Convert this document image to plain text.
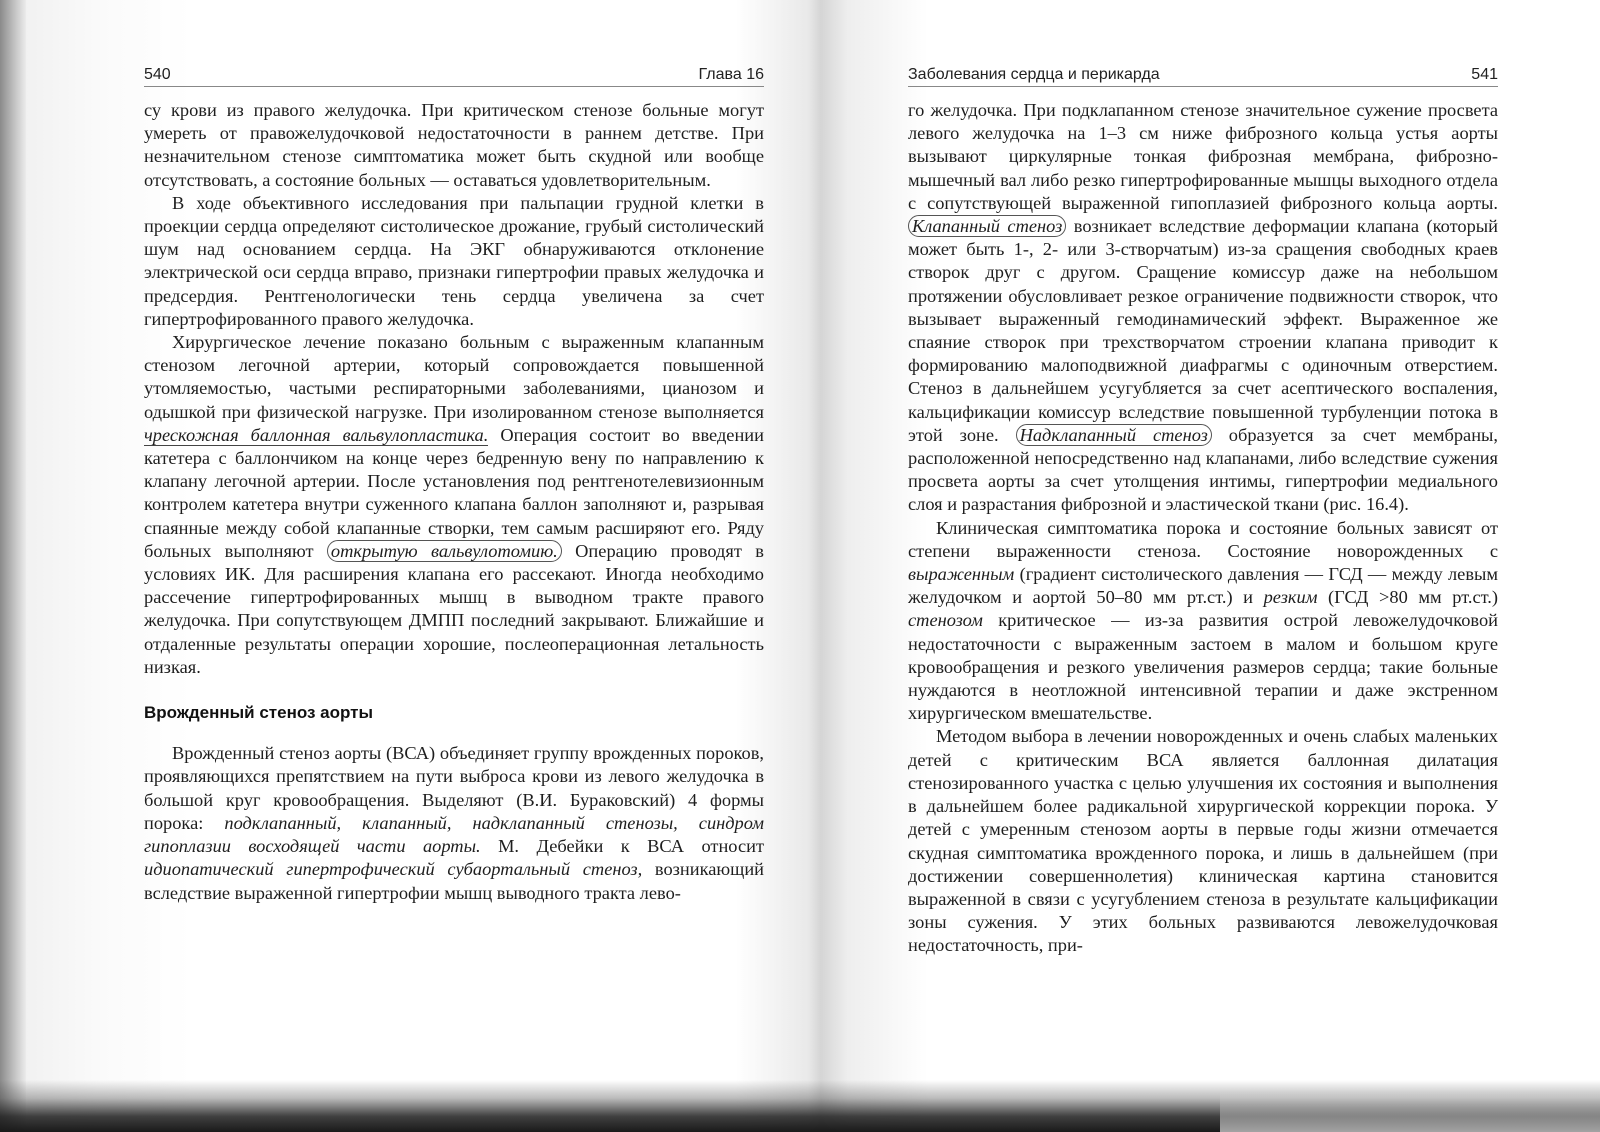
540	Глава 16

су крови из правого желудочка. При критическом стенозе больные могут умереть от правожелудочковой недостаточности в раннем детстве. При незначительном стенозе симптоматика может быть скудной или вообще отсутствовать, а состояние больных — оставаться удовлетворительным.

В ходе объективного исследования при пальпации грудной клетки в проекции сердца определяют систолическое дрожание, грубый систолический шум над основанием сердца. На ЭКГ обнаруживаются отклонение электрической оси сердца вправо, признаки гипертрофии правых желудочка и предсердия. Рентгенологически тень сердца увеличена за счет гипертрофированного правого желудочка.

Хирургическое лечение показано больным с выраженным клапанным стенозом легочной артерии, который сопровождается повышенной утомляемостью, частыми респираторными заболеваниями, цианозом и одышкой при физической нагрузке. При изолированном стенозе выполняется чрескожная баллонная вальвулопластика. Операция состоит во введении катетера с баллончиком на конце через бедренную вену по направлению к клапану легочной артерии. После установления под рентгенотелевизионным контролем катетера внутри суженного клапана баллон заполняют и, разрывая спаянные между собой клапанные створки, тем самым расширяют его. Ряду больных выполняют открытую вальвулотомию. Операцию проводят в условиях ИК. Для расширения клапана его рассекают. Иногда необходимо рассечение гипертрофированных мышц в выводном тракте правого желудочка. При сопутствующем ДМПП последний закрывают. Ближайшие и отдаленные результаты операции хорошие, послеоперационная летальность низкая.

Врожденный стеноз аорты

Врожденный стеноз аорты (ВСА) объединяет группу врожденных пороков, проявляющихся препятствием на пути выброса крови из левого желудочка в большой круг кровообращения. Выделяют (В.И. Бураковский) 4 формы порока: подклапанный, клапанный, надклапанный стенозы, синдром гипоплазии восходящей части аорты. М. Дебейки к ВСА относит идиопатический гипертрофический субаортальный стеноз, возникающий вследствие выраженной гипертрофии мышц выводного тракта лево-

Заболевания сердца и перикарда	541

го желудочка. При подклапанном стенозе значительное сужение просвета левого желудочка на 1–3 см ниже фиброзного кольца устья аорты вызывают циркулярные тонкая фиброзная мембрана, фиброзно-мышечный вал либо резко гипертрофированные мышцы выходного отдела с сопутствующей выраженной гипоплазией фиброзного кольца аорты. Клапанный стеноз возникает вследствие деформации клапана (который может быть 1-, 2- или 3-створчатым) из-за сращения свободных краев створок друг с другом. Сращение комиссур даже на небольшом протяжении обусловливает резкое ограничение подвижности створок, что вызывает выраженный гемодинамический эффект. Выраженное же спаяние створок при трехстворчатом строении клапана приводит к формированию малоподвижной диафрагмы с одиночным отверстием. Стеноз в дальнейшем усугубляется за счет асептического воспаления, кальцификации комиссур вследствие повышенной турбуленции потока в этой зоне. Надклапанный стеноз образуется за счет мембраны, расположенной непосредственно над клапанами, либо вследствие сужения просвета аорты за счет утолщения интимы, гипертрофии медиального слоя и разрастания фиброзной и эластической ткани (рис. 16.4).

Клиническая симптоматика порока и состояние больных зависят от степени выраженности стеноза. Состояние новорожденных с выраженным (градиент систолического давления — ГСД — между левым желудочком и аортой 50–80 мм рт.ст.) и резким (ГСД >80 мм рт.ст.) стенозом критическое — из-за развития острой левожелудочковой недостаточности с выраженным застоем в малом и большом круге кровообращения и резкого увеличения размеров сердца; такие больные нуждаются в неотложной интенсивной терапии и даже экстренном хирургическом вмешательстве.

Методом выбора в лечении новорожденных и очень слабых маленьких детей с критическим ВСА является баллонная дилатация стенозированного участка с целью улучшения их состояния и выполнения в дальнейшем более радикальной хирургической коррекции порока. У детей с умеренным стенозом аорты в первые годы жизни отмечается скудная симптоматика врожденного порока, и лишь в дальнейшем (при достижении совершеннолетия) клиническая картина становится выраженной в связи с усугублением стеноза в результате кальцификации зоны сужения. У этих больных развиваются левожелудочковая недостаточность, при-
